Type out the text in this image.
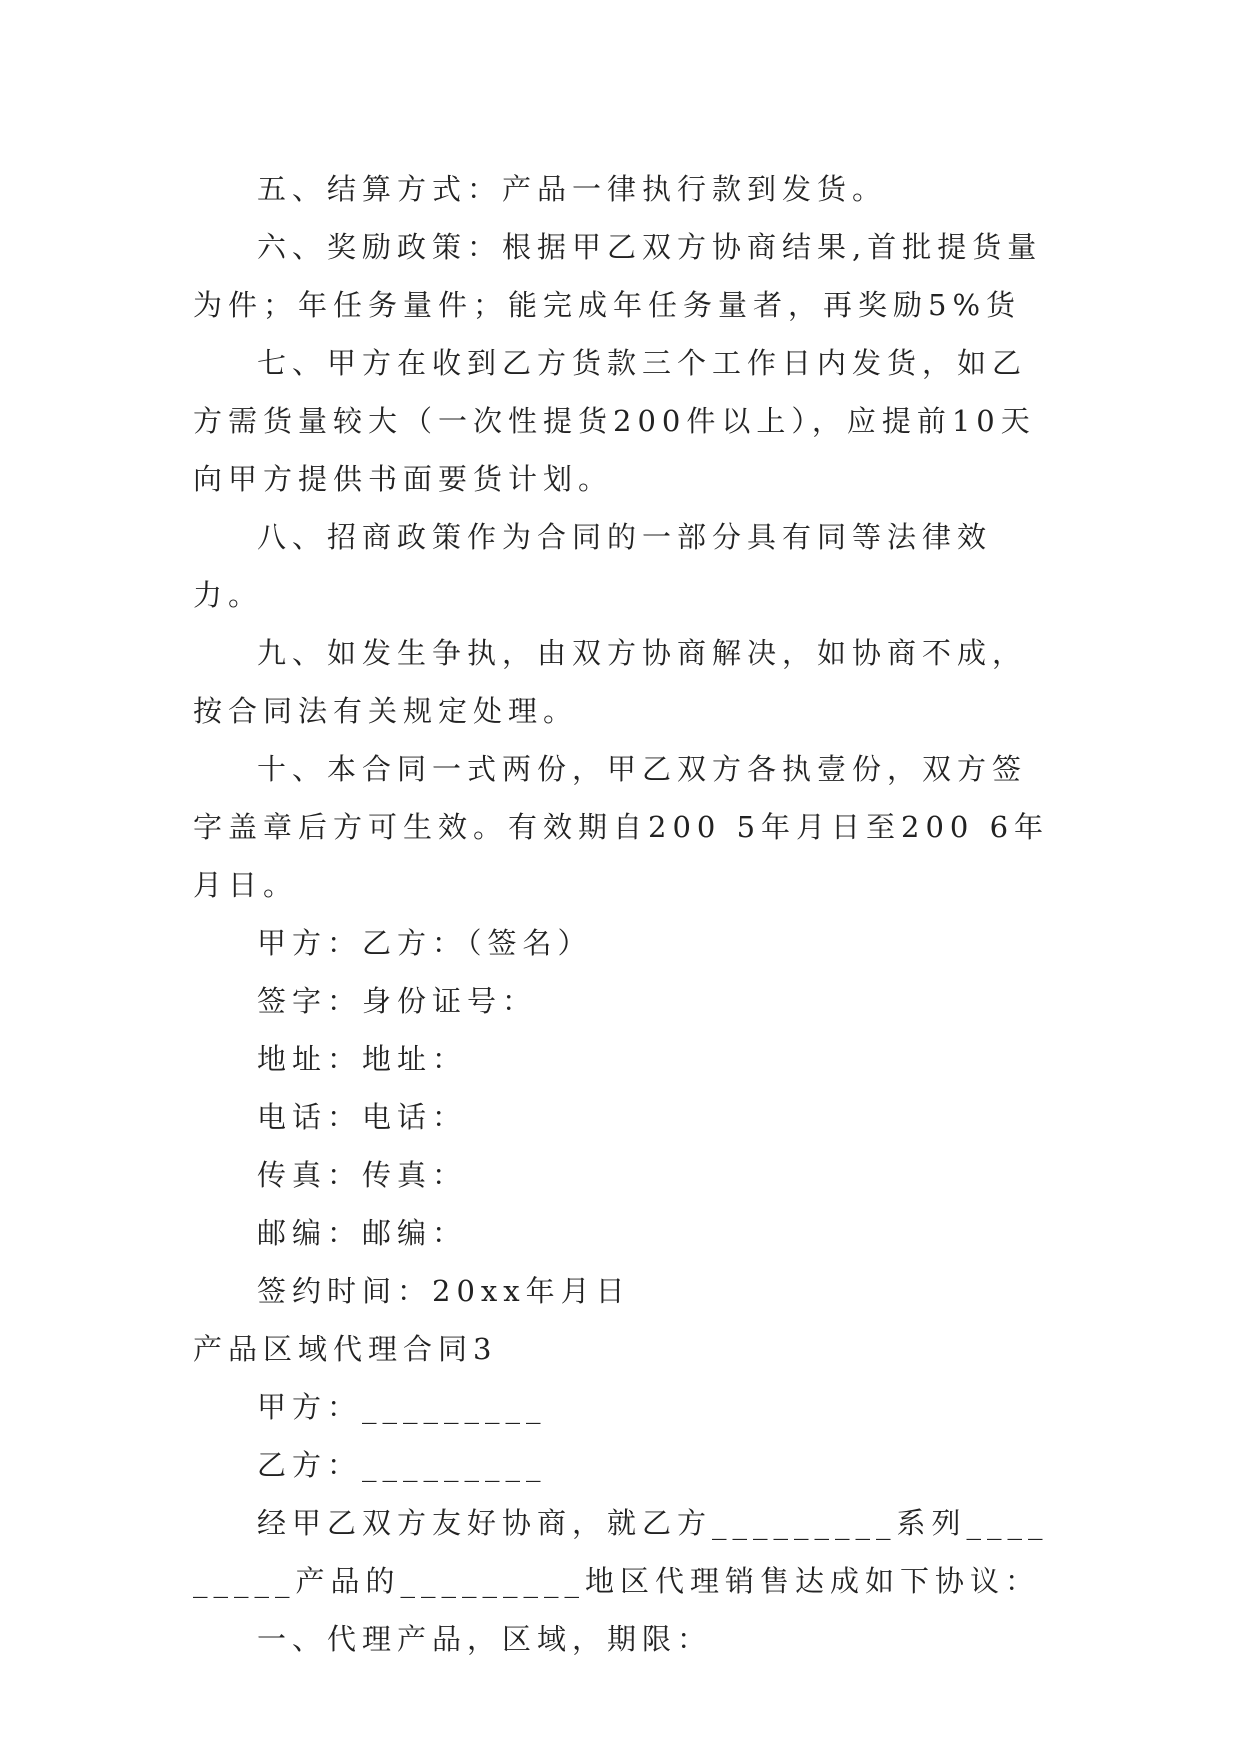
五、结算方式：产品一律执行款到发货。

六、奖励政策：根据甲乙双方协商结果,首批提货量为件；年任务量件；能完成年任务量者，再奖励5%货

七、甲方在收到乙方货款三个工作日内发货，如乙方需货量较大（一次性提货200件以上），应提前10天向甲方提供书面要货计划。

八、招商政策作为合同的一部分具有同等法律效力。

九、如发生争执，由双方协商解决，如协商不成，按合同法有关规定处理。

十、本合同一式两份，甲乙双方各执壹份，双方签字盖章后方可生效。有效期自200 5年月日至200 6年月日。

甲方：乙方：（签名）

签字：身份证号：

地址：地址：

电话：电话：

传真：传真：

邮编：邮编：

签约时间：20xx年月日

产品区域代理合同3

甲方：_________

乙方：_________

经甲乙双方友好协商，就乙方_________系列_________产品的_________地区代理销售达成如下协议：

一、代理产品，区域，期限：
